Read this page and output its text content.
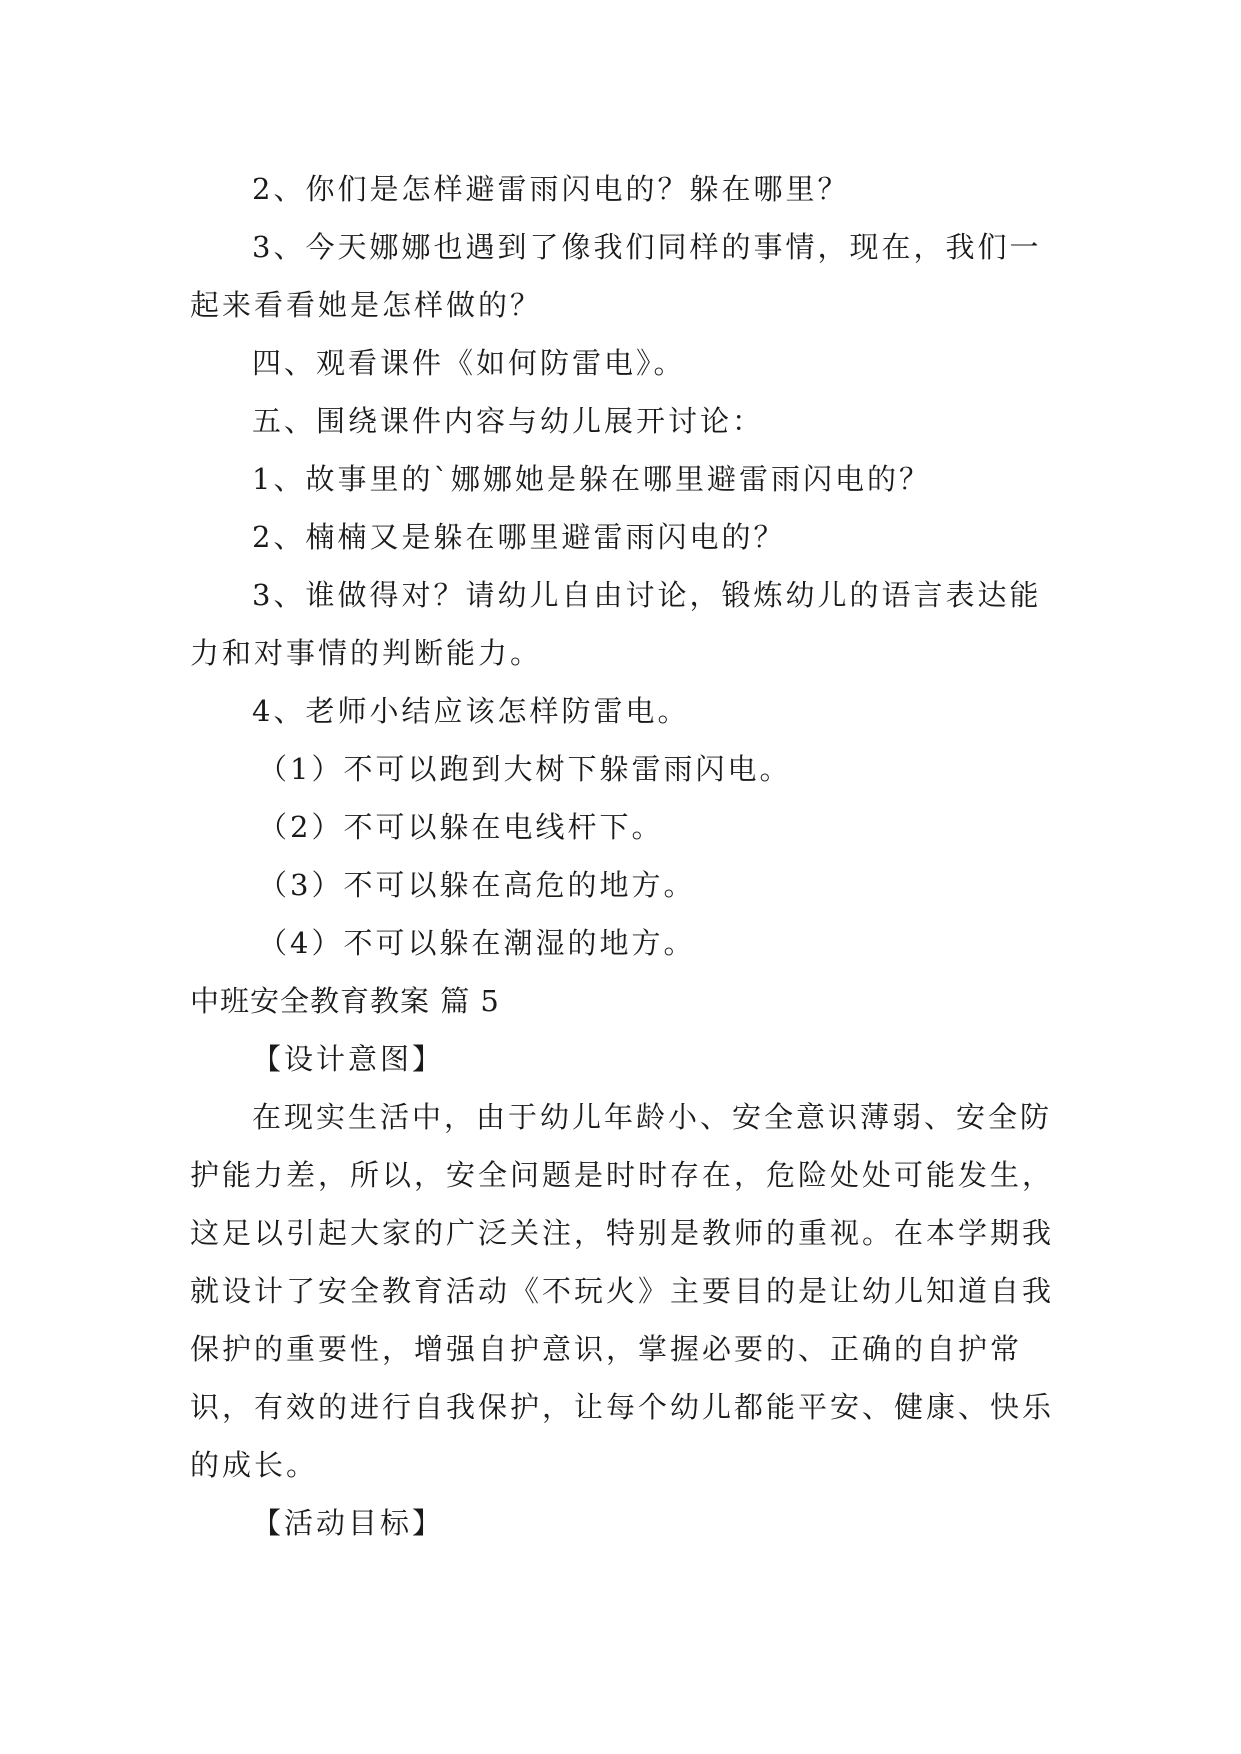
2、你们是怎样避雷雨闪电的？躲在哪里？

3、今天娜娜也遇到了像我们同样的事情，现在，我们一起来看看她是怎样做的？

四、观看课件《如何防雷电》。

五、围绕课件内容与幼儿展开讨论：

1、故事里的`娜娜她是躲在哪里避雷雨闪电的？

2、楠楠又是躲在哪里避雷雨闪电的？

3、谁做得对？请幼儿自由讨论，锻炼幼儿的语言表达能力和对事情的判断能力。

4、老师小结应该怎样防雷电。

（1）不可以跑到大树下躲雷雨闪电。

（2）不可以躲在电线杆下。

（3）不可以躲在高危的地方。

（4）不可以躲在潮湿的地方。

中班安全教育教案 篇 5

【设计意图】

在现实生活中，由于幼儿年龄小、安全意识薄弱、安全防护能力差，所以，安全问题是时时存在，危险处处可能发生，这足以引起大家的广泛关注，特别是教师的重视。在本学期我就设计了安全教育活动《不玩火》主要目的是让幼儿知道自我保护的重要性，增强自护意识，掌握必要的、正确的自护常识，有效的进行自我保护，让每个幼儿都能平安、健康、快乐的成长。

【活动目标】
